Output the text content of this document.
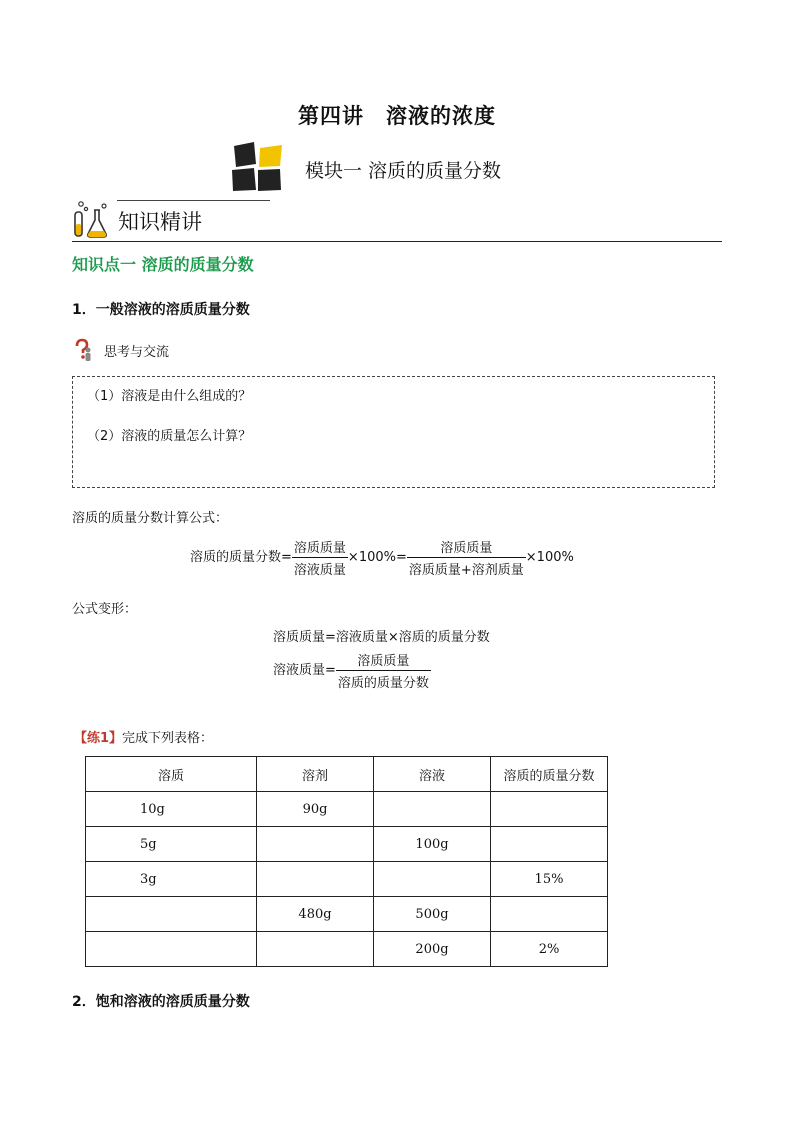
第四讲　溶液的浓度
模块一 溶质的质量分数
知识精讲
知识点一 溶质的质量分数
1．一般溶液的溶质质量分数
思考与交流
（1）溶液是由什么组成的？
（2）溶液的质量怎么计算？
溶质的质量分数计算公式：
溶质的质量分数= $\frac{\text{溶质质量}}{\text{溶液质量}} \times 100\%= \frac{\text{溶质质量}}{\text{溶质质量+溶剂质量}} \times 100\%$
公式变形：
溶质质量=溶液质量×溶质的质量分数
溶液质量= $\frac{\text{溶质质量}}{\text{溶质的质量分数}}$
【练1】完成下列表格：
溶质	溶剂	溶液	溶质的质量分数
10g	90g		
5g		100g	
3g			15%
	480g	500g	
		200g	2%
2．饱和溶液的溶质质量分数
